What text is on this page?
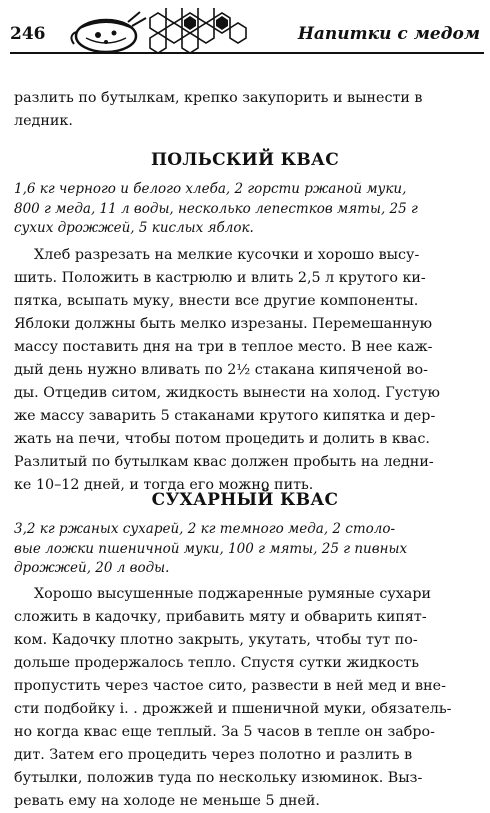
246	Напитки с медом
разлить по бутылкам, крепко закупорить и вынести в
ледник.
ПОЛЬСКИЙ КВАС
1,6 кг черного и белого хлеба, 2 горсти ржаной муки,
800 г меда, 11 л воды, несколько лепестков мяты, 25 г
сухих дрожжей, 5 кислых яблок.
Хлеб разрезать на мелкие кусочки и хорошо высу-
шить. Положить в кастрюлю и влить 2,5 л крутого ки-
пятка, всыпать муку, внести все другие компоненты.
Яблоки должны быть мелко изрезаны. Перемешанную
массу поставить дня на три в теплое место. В нее каж-
дый день нужно вливать по 2½ стакана кипяченой во-
ды. Отцедив ситом, жидкость вынести на холод. Густую
же массу заварить 5 стаканами крутого кипятка и дер-
жать на печи, чтобы потом процедить и долить в квас.
Разлитый по бутылкам квас должен пробыть на ледни-
ке 10–12 дней, и тогда его можно пить.
СУХАРНЫЙ КВАС
3,2 кг ржаных сухарей, 2 кг темного меда, 2 столо-
вые ложки пшеничной муки, 100 г мяты, 25 г пивных
дрожжей, 20 л воды.
Хорошо высушенные поджаренные румяные сухари
сложить в кадочку, прибавить мяту и обварить кипят-
ком. Кадочку плотно закрыть, укутать, чтобы тут по-
дольше продержалось тепло. Спустя сутки жидкость
пропустить через частое сито, развести в ней мед и вне-
сти подбойку і. . дрожжей и пшеничной муки, обязатель-
но когда квас еще теплый. За 5 часов в тепле он забро-
дит. Затем его процедить через полотно и разлить в
бутылки, положив туда по нескольку изюминок. Выз-
ревать ему на холоде не меньше 5 дней.
